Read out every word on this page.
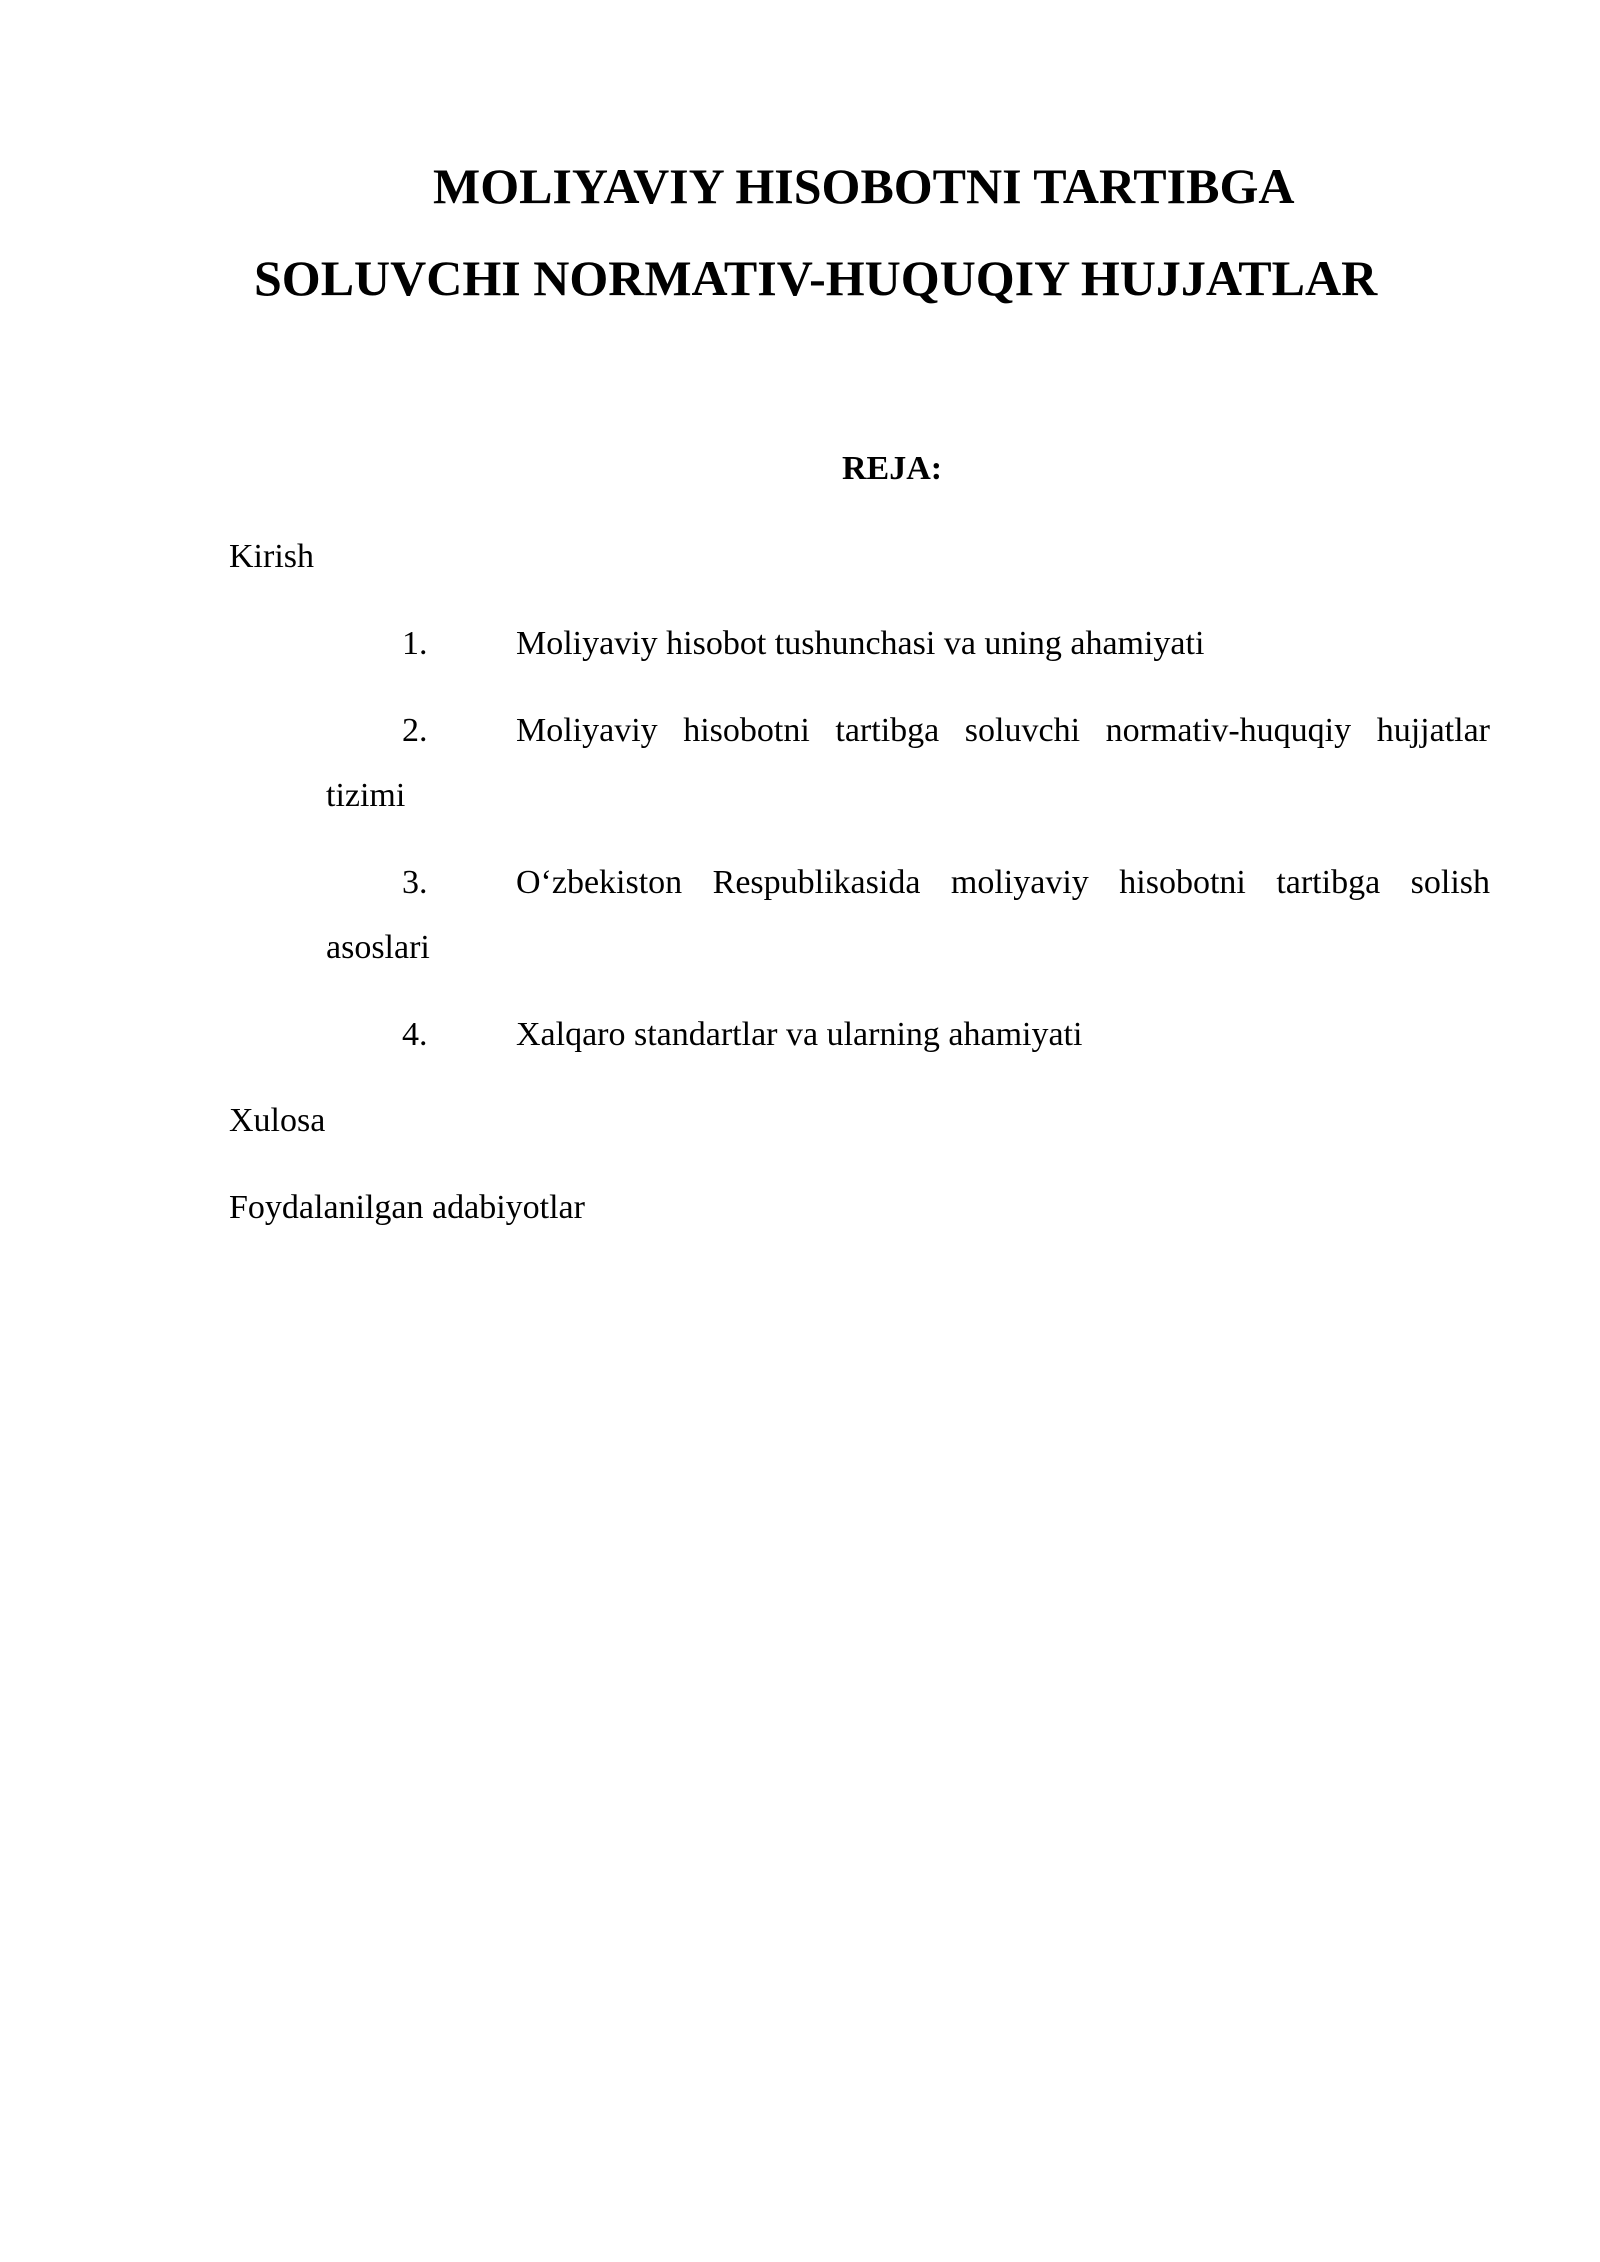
MOLIYAVIY HISOBOTNI TARTIBGA
SOLUVCHI NORMATIV-HUQUQIY HUJJATLAR
REJA:
Kirish
1.	Moliyaviy hisobot tushunchasi va uning ahamiyati
2.	Moliyaviy hisobotni tartibga soluvchi normativ-huquqiy hujjatlar
tizimi
3.	O‘zbekiston Respublikasida moliyaviy hisobotni tartibga solish
asoslari
4.	Xalqaro standartlar va ularning ahamiyati
Xulosa
Foydalanilgan adabiyotlar
